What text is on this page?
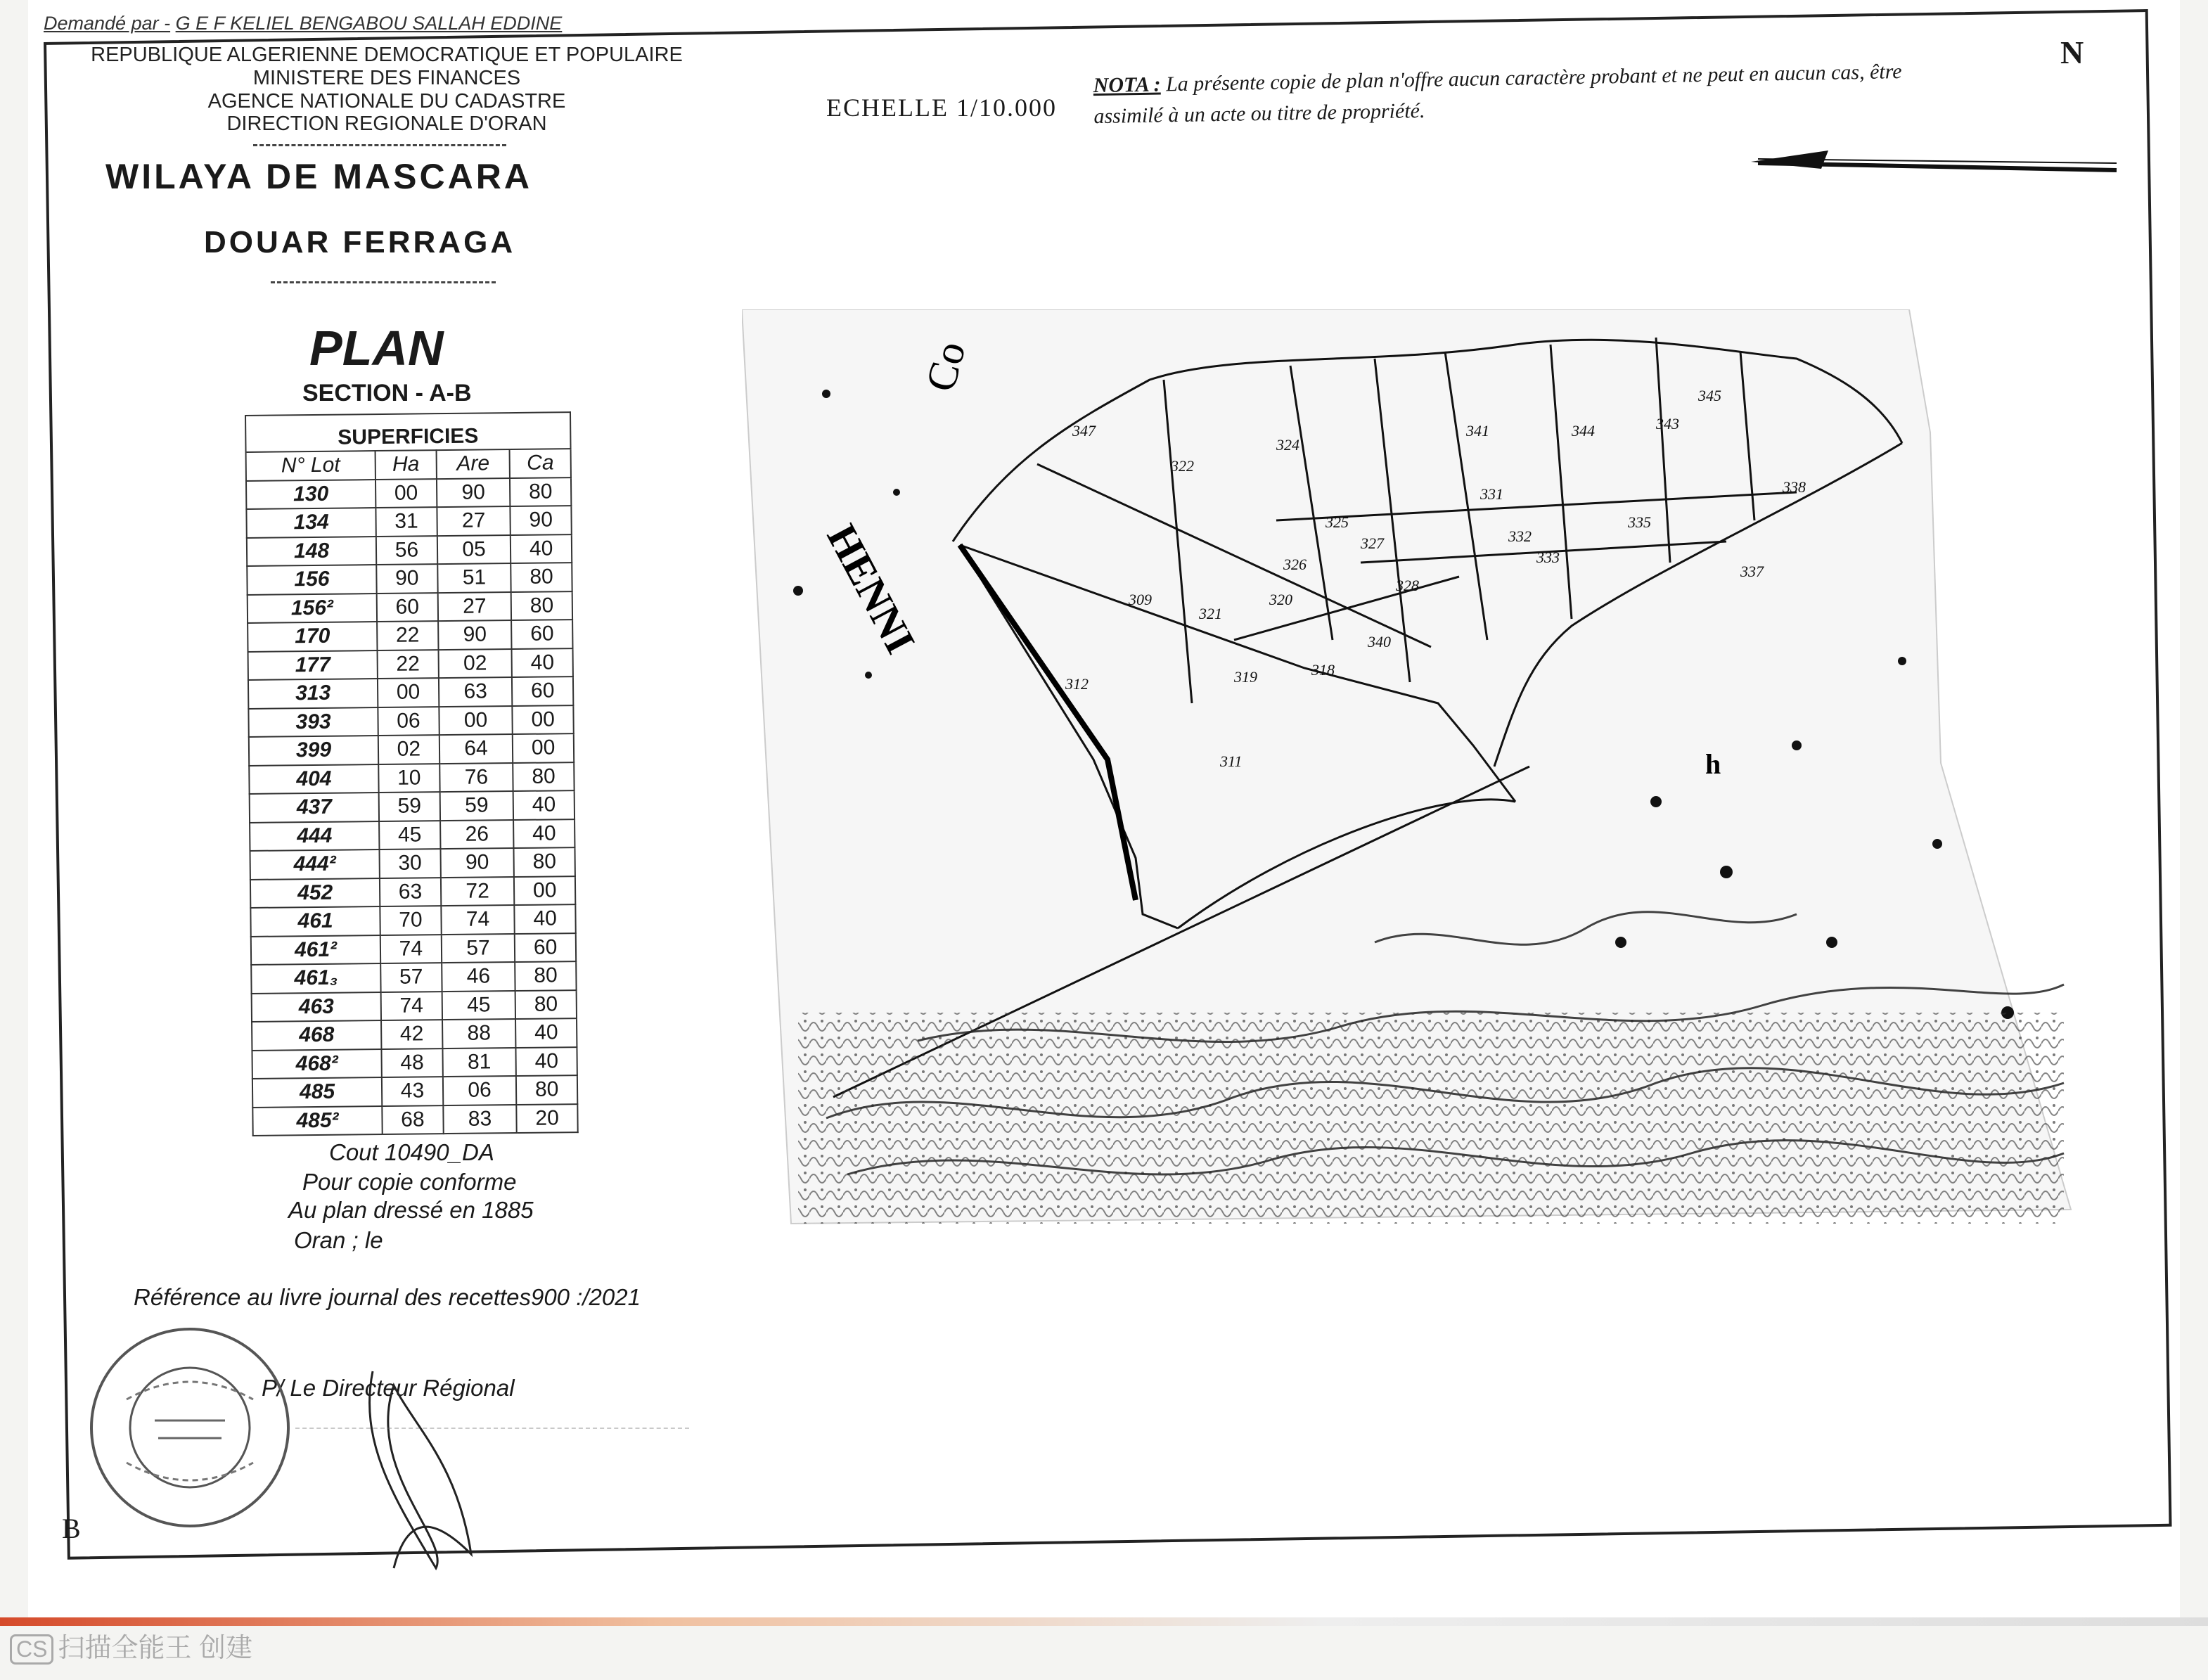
Demandé par - G E F KELIEL BENGABOU SALLAH EDDINE
REPUBLIQUE ALGERIENNE DEMOCRATIQUE ET POPULAIRE
MINISTERE DES FINANCES
AGENCE NATIONALE DU CADASTRE
DIRECTION REGIONALE D'ORAN
WILAYA DE MASCARA
DOUAR FERRAGA
PLAN
SECTION - A-B
ECHELLE 1/10.000
NOTA : La présente copie de plan n'offre aucun caractère probant et ne peut en aucun cas, être assimilé à un acte ou titre de propriété.
N
SUPERFICIES			
N° Lot	Ha	Are	Ca
130	00	90	80
134	31	27	90
148	56	05	40
156	90	51	80
156²	60	27	80
170	22	90	60
177	22	02	40
313	00	63	60
393	06	00	00
399	02	64	00
404	10	76	80
437	59	59	40
444	45	26	40
444²	30	90	80
452	63	72	00
461	70	74	40
461²	74	57	60
461₃	57	46	80
463	74	45	80
468	42	88	40
468²	48	81	40
485	43	06	80
485²	68	83	20
Cout 10490_DA
Pour copie conforme
Au plan dressé en 1885
Oran ; le
Référence au livre journal des recettes900 :/2021
P/ Le Directeur Régional
B
HENNI
Co
h
347
322
324
325
326
327
328
331
332
333
335
337
338
340
341	343
344
345
309
311
312
318
319
320
321
CS 扫描全能王 创建
